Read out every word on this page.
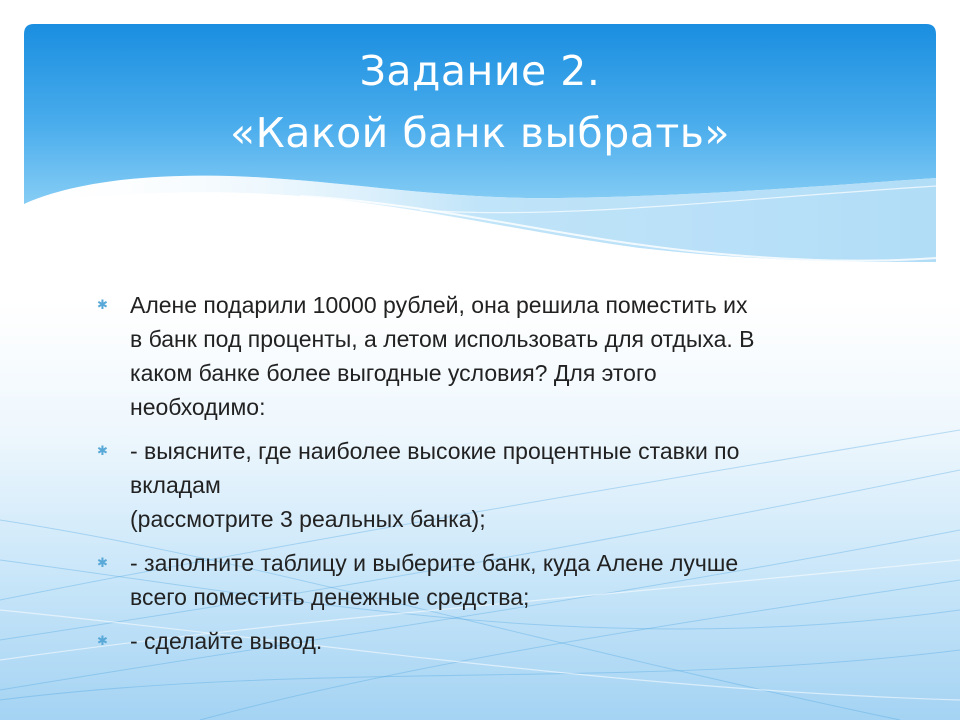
Задание 2.
«Какой банк выбрать»
✱ Алене подарили 10000 рублей, она решила поместить их
в банк под проценты, а летом использовать для отдыха. В
каком банке более выгодные условия? Для этого
необходимо:
✱ - выясните, где наиболее высокие процентные ставки по
вкладам
(рассмотрите 3 реальных банка);
✱ - заполните таблицу и выберите банк, куда Алене лучше
всего поместить денежные средства;
✱ - сделайте вывод.
